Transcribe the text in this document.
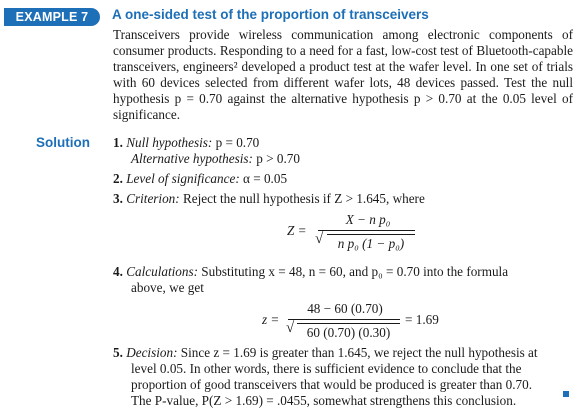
EXAMPLE 7	A one-sided test of the proportion of transceivers

Transceivers provide wireless communication among electronic components of consumer products. Responding to a need for a fast, low-cost test of Bluetooth-capable transceivers, engineers² developed a product test at the wafer level. In one set of trials with 60 devices selected from different wafer lots, 48 devices passed. Test the null hypothesis p = 0.70 against the alternative hypothesis p > 0.70 at the 0.05 level of significance.

Solution 1. Null hypothesis: p = 0.70
Alternative hypothesis: p > 0.70
2. Level of significance: α = 0.05
3. Criterion: Reject the null hypothesis if Z > 1.645, where
Z =
X − n p₀
√	n p₀ (1 − p₀)
4. Calculations: Substituting x = 48, n = 60, and p₀ = 0.70 into the formula
above, we get
z =
48 − 60 (0.70)
√ 60 (0.70) (0.30)
= 1.69
5. Decision: Since z = 1.69 is greater than 1.645, we reject the null hypothesis at
level 0.05. In other words, there is sufficient evidence to conclude that the
proportion of good transceivers that would be produced is greater than 0.70.
The P-value, P(Z > 1.69) = .0455, somewhat strengthens this conclusion.
